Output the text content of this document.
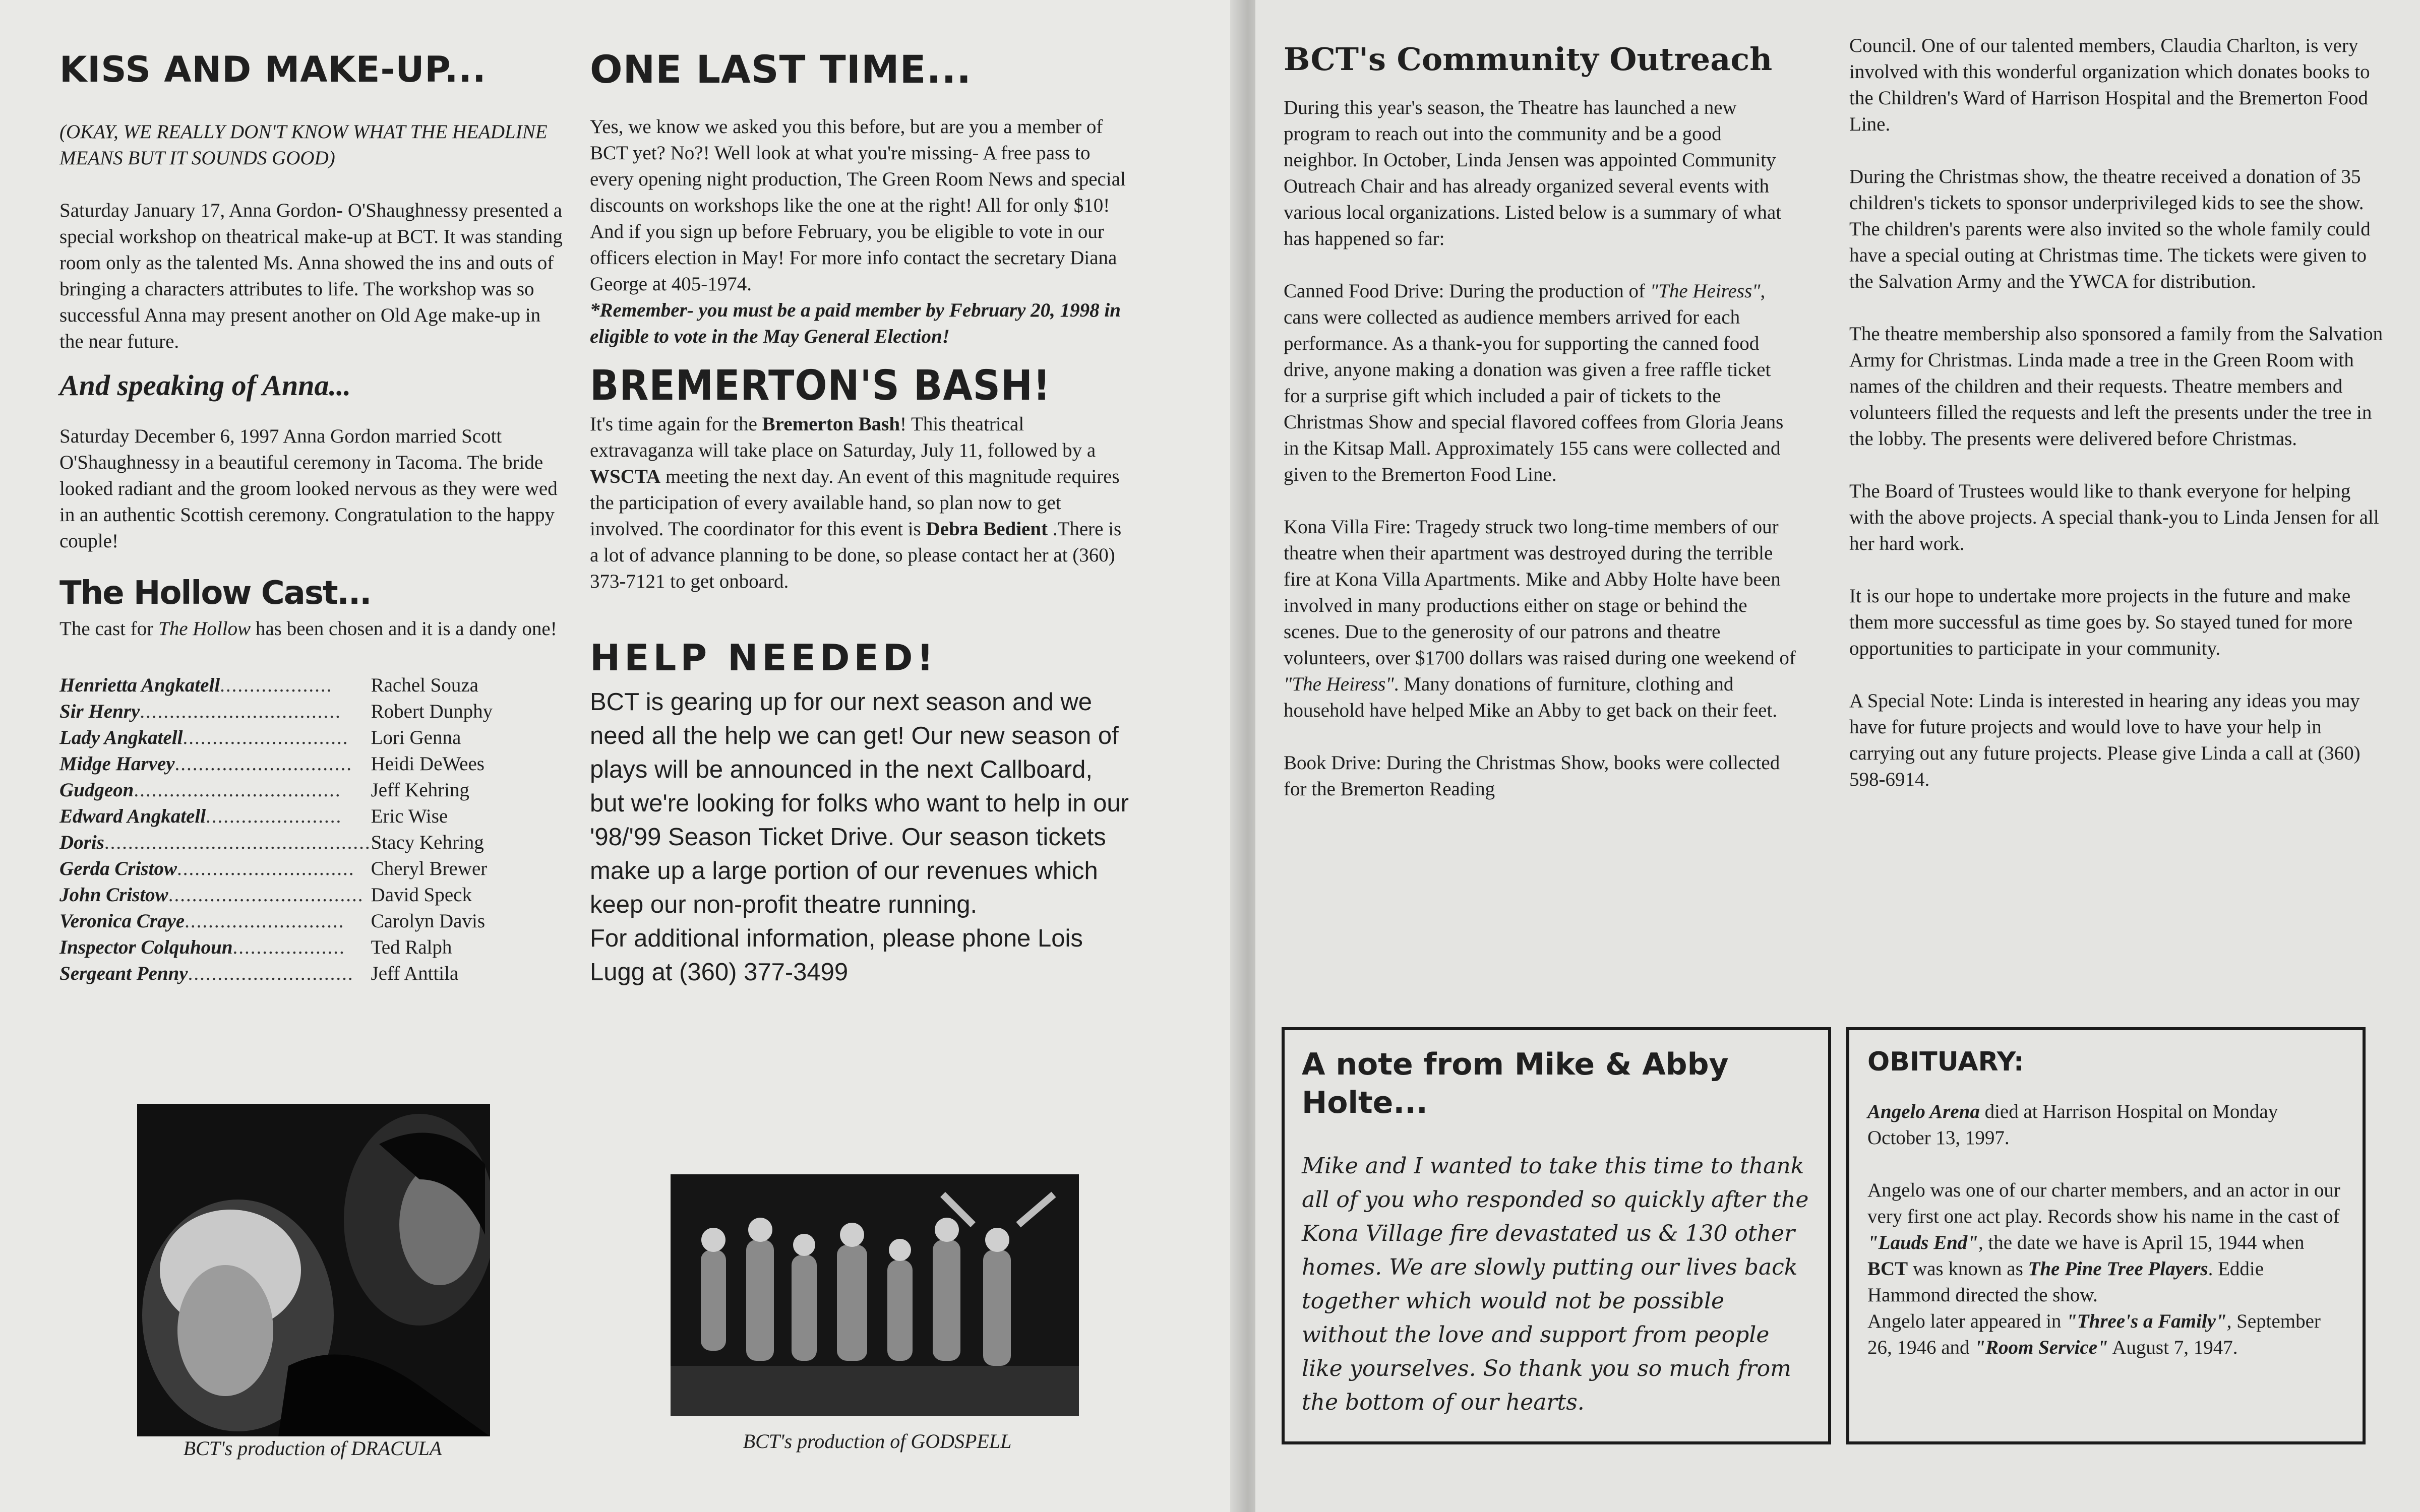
KISS AND MAKE-UP...

(OKAY, WE REALLY DON'T KNOW WHAT THE HEADLINE MEANS BUT IT SOUNDS GOOD)

Saturday January 17, Anna Gordon- O'Shaughnessy presented a special workshop on theatrical make-up at BCT. It was standing room only as the talented Ms. Anna showed the ins and outs of bringing a characters attributes to life. The workshop was so successful Anna may present another on Old Age make-up in the near future.

And speaking of Anna...

Saturday December 6, 1997 Anna Gordon married Scott O'Shaughnessy in a beautiful ceremony in Tacoma. The bride looked radiant and the groom looked nervous as they were wed in an authentic Scottish ceremony. Congratulation to the happy couple!

The Hollow Cast...

The cast for The Hollow has been chosen and it is a dandy one!

Henrietta Angkatell...................	Rachel Souza
Sir Henry..................................	Robert Dunphy
Lady Angkatell............................	Lori Genna
Midge Harvey..............................	Heidi DeWees
Gudgeon...................................	Jeff Kehring
Edward Angkatell.......................	Eric Wise
Doris.............................................	Stacy Kehring
Gerda Cristow..............................	Cheryl Brewer
John Cristow.................................	David Speck
Veronica Craye...........................	Carolyn Davis
Inspector Colquhoun...................	Ted Ralph
Sergeant Penny............................	Jeff Anttila
BCT's production of DRACULA
ONE LAST TIME...

Yes, we know we asked you this before, but are you a member of BCT yet? No?! Well look at what you're missing- A free pass to every opening night production, The Green Room News and special discounts on workshops like the one at the right! All for only $10! And if you sign up before February, you be eligible to vote in our officers election in May! For more info contact the secretary Diana George at 405-1974.

*Remember- you must be a paid member by February 20, 1998 in eligible to vote in the May General Election!

BREMERTON'S BASH!

It's time again for the Bremerton Bash! This theatrical extravaganza will take place on Saturday, July 11, followed by a WSCTA meeting the next day. An event of this magnitude requires the participation of every available hand, so plan now to get involved. The coordinator for this event is Debra Bedient .There is a lot of advance planning to be done, so please contact her at (360) 373-7121 to get onboard.

HELP NEEDED!

BCT is gearing up for our next season and we need all the help we can get! Our new season of plays will be announced in the next Callboard, but we're looking for folks who want to help in our '98/'99 Season Ticket Drive. Our season tickets make up a large portion of our revenues which keep our non-profit theatre running.

For additional information, please phone Lois Lugg at (360) 377-3499

BCT's production of GODSPELL
BCT's Community Outreach

During this year's season, the Theatre has launched a new program to reach out into the community and be a good neighbor. In October, Linda Jensen was appointed Community Outreach Chair and has already organized several events with various local organizations. Listed below is a summary of what has happened so far:

Canned Food Drive: During the production of "The Heiress", cans were collected as audience members arrived for each performance. As a thank-you for supporting the canned food drive, anyone making a donation was given a free raffle ticket for a surprise gift which included a pair of tickets to the Christmas Show and special flavored coffees from Gloria Jeans in the Kitsap Mall. Approximately 155 cans were collected and given to the Bremerton Food Line.

Kona Villa Fire: Tragedy struck two long-time members of our theatre when their apartment was destroyed during the terrible fire at Kona Villa Apartments. Mike and Abby Holte have been involved in many productions either on stage or behind the scenes. Due to the generosity of our patrons and theatre volunteers, over $1700 dollars was raised during one weekend of "The Heiress". Many donations of furniture, clothing and household have helped Mike an Abby to get back on their feet.

Book Drive: During the Christmas Show, books were collected for the Bremerton Reading

Council. One of our talented members, Claudia Charlton, is very involved with this wonderful organization which donates books to the Children's Ward of Harrison Hospital and the Bremerton Food Line.

During the Christmas show, the theatre received a donation of 35 children's tickets to sponsor underprivileged kids to see the show. The children's parents were also invited so the whole family could have a special outing at Christmas time. The tickets were given to the Salvation Army and the YWCA for distribution.

The theatre membership also sponsored a family from the Salvation Army for Christmas. Linda made a tree in the Green Room with names of the children and their requests. Theatre members and volunteers filled the requests and left the presents under the tree in the lobby. The presents were delivered before Christmas.

The Board of Trustees would like to thank everyone for helping with the above projects. A special thank-you to Linda Jensen for all her hard work.

It is our hope to undertake more projects in the future and make them more successful as time goes by. So stayed tuned for more opportunities to participate in your community.

A Special Note: Linda is interested in hearing any ideas you may have for future projects and would love to have your help in carrying out any future projects. Please give Linda a call at (360) 598-6914.

A note from Mike & Abby Holte...

Mike and I wanted to take this time to thank all of you who responded so quickly after the Kona Village fire devastated us & 130 other homes. We are slowly putting our lives back together which would not be possible without the love and support from people like yourselves. So thank you so much from the bottom of our hearts.

OBITUARY:

Angelo Arena died at Harrison Hospital on Monday October 13, 1997.

Angelo was one of our charter members, and an actor in our very first one act play. Records show his name in the cast of "Lauds End", the date we have is April 15, 1944 when BCT was known as The Pine Tree Players. Eddie Hammond directed the show.

Angelo later appeared in "Three's a Family", September 26, 1946 and "Room Service" August 7, 1947.
